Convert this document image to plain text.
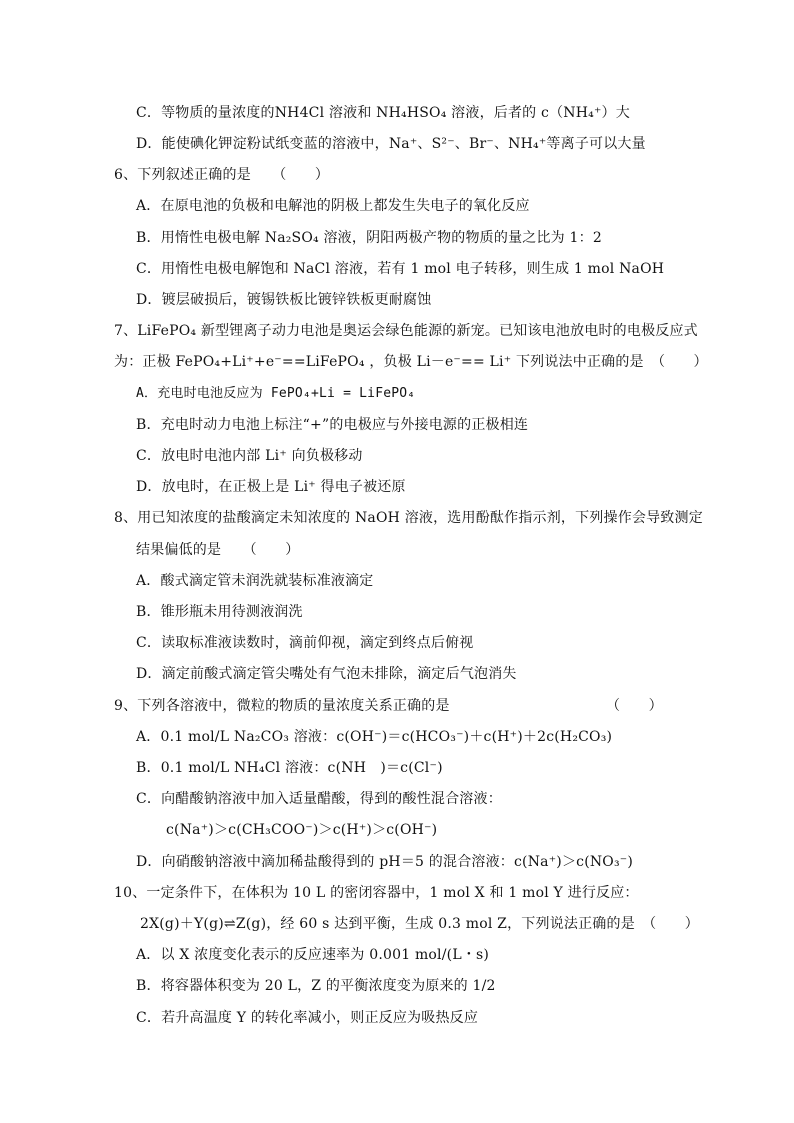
C．等物质的量浓度的NH4Cl 溶液和 NH₄HSO₄ 溶液，后者的 c（NH₄⁺）大
D．能使碘化钾淀粉试纸变蓝的溶液中，Na⁺、S²⁻、Br⁻、NH₄⁺等离子可以大量
6、下列叙述正确的是　　（　　）
A．在原电池的负极和电解池的阴极上都发生失电子的氧化反应
B．用惰性电极电解 Na₂SO₄ 溶液，阴阳两极产物的物质的量之比为 1：2
C．用惰性电极电解饱和 NaCl 溶液，若有 1 mol 电子转移，则生成 1 mol NaOH
D．镀层破损后，镀锡铁板比镀锌铁板更耐腐蚀
7、LiFePO₄ 新型锂离子动力电池是奥运会绿色能源的新宠。已知该电池放电时的电极反应式
为：正极 FePO₄+Li⁺+e⁻==LiFePO₄ ，负极 Li－e⁻== Li⁺ 下列说法中正确的是　（　　）
A．充电时电池反应为 FePO₄+Li = LiFePO₄
B．充电时动力电池上标注“+”的电极应与外接电源的正极相连
C．放电时电池内部 Li⁺ 向负极移动
D．放电时，在正极上是 Li⁺ 得电子被还原
8、用已知浓度的盐酸滴定未知浓度的 NaOH 溶液，选用酚酞作指示剂，下列操作会导致测定
结果偏低的是　　（　　）
A．酸式滴定管未润洗就装标准液滴定
B．锥形瓶未用待测液润洗
C．读取标准液读数时，滴前仰视，滴定到终点后俯视
D．滴定前酸式滴定管尖嘴处有气泡未排除，滴定后气泡消失
9、下列各溶液中，微粒的物质的量浓度关系正确的是	（　　）
A．0.1 mol/L Na₂CO₃ 溶液：c(OH⁻)＝c(HCO₃⁻)＋c(H⁺)＋2c(H₂CO₃)
B．0.1 mol/L NH₄Cl 溶液：c(NH　)＝c(Cl⁻)
C．向醋酸钠溶液中加入适量醋酸，得到的酸性混合溶液：
c(Na⁺)＞c(CH₃COO⁻)＞c(H⁺)＞c(OH⁻)
D．向硝酸钠溶液中滴加稀盐酸得到的 pH＝5 的混合溶液：c(Na⁺)＞c(NO₃⁻)
10、一定条件下，在体积为 10 L 的密闭容器中，1 mol X 和 1 mol Y 进行反应：
2X(g)＋Y(g)⇌Z(g)，经 60 s 达到平衡，生成 0.3 mol Z，下列说法正确的是　（　　）
A．以 X 浓度变化表示的反应速率为 0.001 mol/(L・s)
B．将容器体积变为 20 L，Z 的平衡浓度变为原来的 1/2
C．若升高温度 Y 的转化率减小，则正反应为吸热反应
